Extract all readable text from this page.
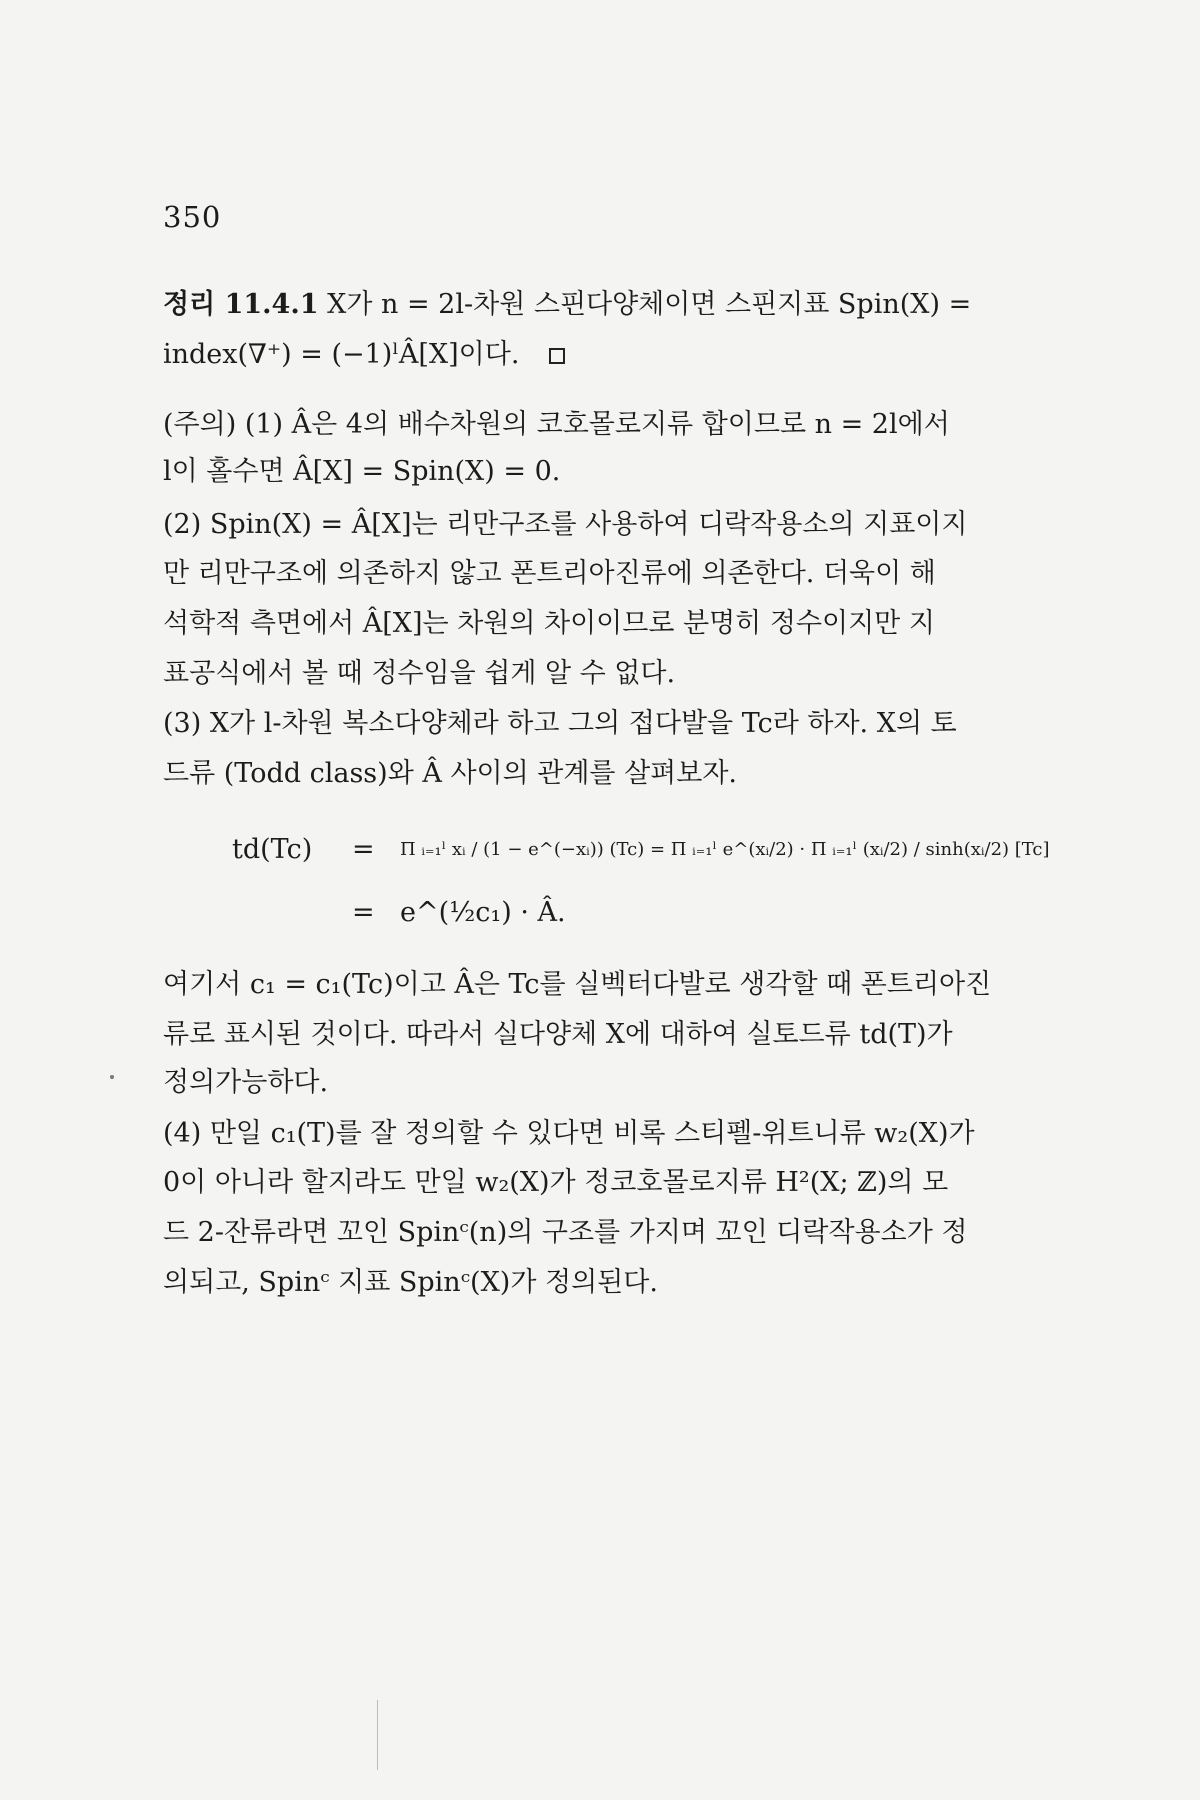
350
정리 11.4.1 X가 n = 2l-차원 스핀다양체이면 스핀지표 Spin(X) =
index(∇⁺) = (−1)ˡÂ[X]이다.
(주의) (1) Â은 4의 배수차원의 코호몰로지류 합이므로 n = 2l에서
l이 홀수면 Â[X] = Spin(X) = 0.
(2) Spin(X) = Â[X]는 리만구조를 사용하여 디락작용소의 지표이지
만 리만구조에 의존하지 않고 폰트리아진류에 의존한다. 더욱이 해
석학적 측면에서 Â[X]는 차원의 차이이므로 분명히 정수이지만 지
표공식에서 볼 때 정수임을 쉽게 알 수 없다.
(3) X가 l-차원 복소다양체라 하고 그의 접다발을 Tc라 하자. X의 토
드류 (Todd class)와 Â 사이의 관계를 살펴보자.
td(Tc) = Π ᵢ₌₁ˡ xᵢ / (1 − e^(−xᵢ)) (Tc) = Π ᵢ₌₁ˡ e^(xᵢ/2) · Π ᵢ₌₁ˡ (xᵢ/2) / sinh(xᵢ/2) [Tc]
= e^(½c₁) · Â.
여기서 c₁ = c₁(Tc)이고 Â은 Tc를 실벡터다발로 생각할 때 폰트리아진
류로 표시된 것이다. 따라서 실다양체 X에 대하여 실토드류 td(T)가
정의가능하다.
(4) 만일 c₁(T)를 잘 정의할 수 있다면 비록 스티펠-위트니류 w₂(X)가
0이 아니라 할지라도 만일 w₂(X)가 정코호몰로지류 H²(X; ℤ)의 모
드 2-잔류라면 꼬인 Spinᶜ(n)의 구조를 가지며 꼬인 디락작용소가 정
의되고, Spinᶜ 지표 Spinᶜ(X)가 정의된다.
